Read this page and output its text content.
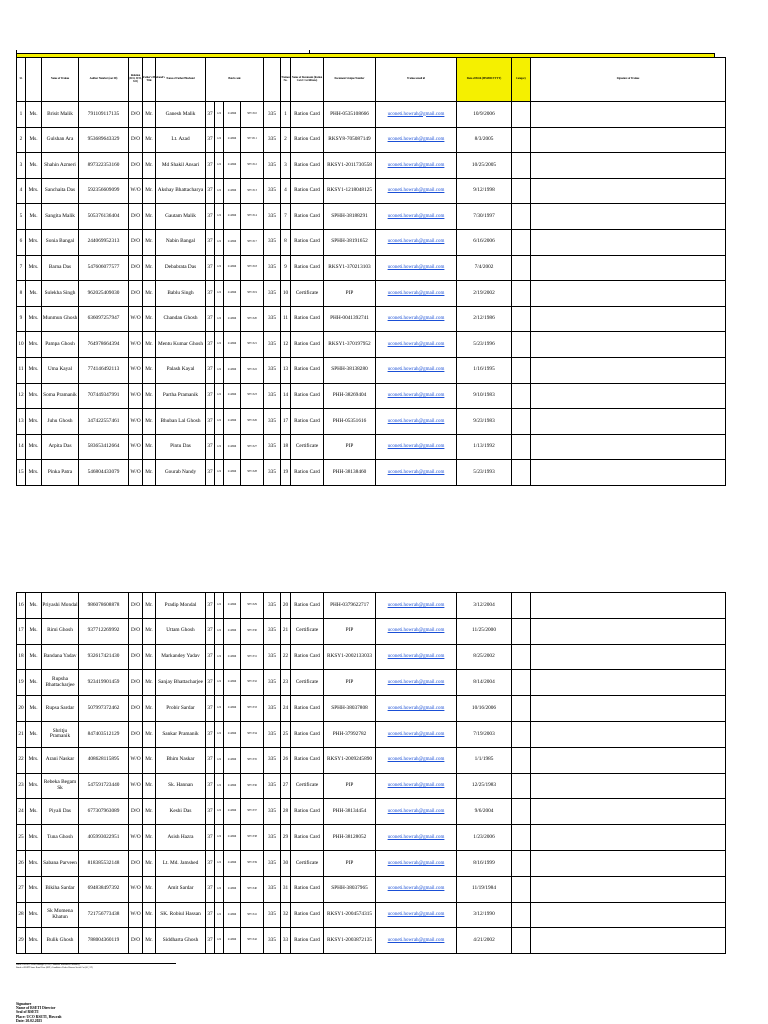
Sl.		Name of Trainee	Aadhar Number (not ID)	Relation (D/O, W/O, S/O)	Father's/Husband's Title	Name of Father/Husband	Batch code					Trainee No.	Name of Document (Ration Card / Certificate)	Document Unique Number	Trainee email id	Date of Birth (MM/DD/YYYY)	Category	Signature of Trainee	
1	Ms.	Brisit Malik	791109117135	D/O	Mr.	Ganesh Malik	37	122	214696	5871510	335	1	Ration Card	PHH-0535108666	uconeti.howrah@gmail.com	10/9/2006			
2	Ms.	Gulshan Ara	953689643329	D/O	Mr.	Lt. Azad	37	122	214696	5871511	335	2	Ration Card	RKSY8-705087149	uconeti.howrah@gmail.com	8/3/2005			
3	Ms.	Shahin Azmeri	897322353160	D/O	Mr.	Md Shakil Ansari	37	122	214696	5871512	335	3	Ration Card	RKSY1-2011730558	uconeti.howrah@gmail.com	10/25/2005			
4	Mrs.	Sanchaita Das	592356609099	W/O	Mr.	Akshay Bhattacharya	37	122	214696	5871513	335	4	Ration Card	RKSY1-1218048125	uconeti.howrah@gmail.com	9/12/1998			
5	Ms.	Sangita Malik	505376136404	D/O	Mr.	Gautam Malik	37	122	214696	5871514	335	7	Ration Card	SPHH-38188291	uconeti.howrah@gmail.com	7/30/1997			
6	Mrs.	Sonia Bangal	244069952313	D/O	Mr.	Nabin Bangal	37	122	214696	5871517	335	8	Ration Card	SPHH-38191652	uconeti.howrah@gmail.com	6/16/2006			
7	Mrs.	Barna Das	547606077577	D/O	Mr.	Debabrata Das	37	122	214696	5871518	335	9	Ration Card	RKSY1-370213103	uconeti.howrah@gmail.com	7/4/2002			
8	Ms.	Sulekha Singh	962025409030	D/O	Mr.	Bablu Singh	37	122	214696	5871519	335	10	Certificate	PIP	uconeti.howrah@gmail.com	2/19/2002			
9	Mrs.	Munmun Ghosh	636097257947	W/O	Mr.	Chandan Ghosh	37	122	214696	5871520	335	11	Ration Card	PHH-0041392741	uconeti.howrah@gmail.com	2/12/1986			
10	Mrs.	Pampa Ghosh	764978664394	W/O	Mr.	Mentu Kumar Ghosh	37	122	214696	5871521	335	12	Ration Card	RKSY1-370197952	uconeti.howrah@gmail.com	5/23/1996			
11	Mrs.	Uma Kayal	774146492113	W/O	Mr.	Palash Kayal	37	122	214696	5871522	335	13	Ration Card	SPHH-38138280	uconeti.howrah@gmail.com	1/16/1995			
12	Mrs.	Soma Pramanik	707449347991	W/O	Mr.	Partha Pramanik	37	122	214696	5871523	335	14	Ration Card	PHH-38269404	uconeti.howrah@gmail.com	9/10/1983			
13	Mrs.	Juhu Ghosh	347422557461	W/O	Mr.	Bhuban Lal Ghosh	37	122	214696	5871526	335	17	Ration Card	PHH-05351616	uconeti.howrah@gmail.com	9/23/1983			
14	Mrs.	Arpita Das	583653412664	W/O	Mr.	Pintu Das	37	122	214696	5871527	335	18	Certificate	PIP	uconeti.howrah@gmail.com	1/13/1992			
15	Mrs.	Pinka Patra	546804433079	W/O	Mr.	Gourab Nandy	37	122	214696	5871528	335	19	Ration Card	PHH-38138460	uconeti.howrah@gmail.com	5/23/1993			
16	Ms.	Priyashi Mondal	986078608878	D/O	Mr.	Pradip Mondal	37	122	214696	5871529	335	20	Ration Card	PHH-0379622717	uconeti.howrah@gmail.com	3/12/2004			
17	Ms.	Rimi Ghosh	937712269992	D/O	Mr.	Uttam Ghosh	37	122	214696	5871530	335	21	Certificate	PIP	uconeti.howrah@gmail.com	11/25/2000			
18	Ms.	Bandana Yadav	932617421430	D/O	Mr.	Markandey Yadav	37	122	214696	5871531	335	22	Ration Card	RKSY1-2002133033	uconeti.howrah@gmail.com	8/25/2002			
19	Ms.	Rupsha Bhattacharjee	923419901459	D/O	Mr.	Sanjay Bhattacharjee	37	122	214696	5871532	335	23	Certificate	PIP	uconeti.howrah@gmail.com	8/14/2004			
20	Ms.	Rupsa Sardar	507997372462	D/O	Mr.	Probir Sardar	37	122	214696	5871533	335	24	Ration Card	SPHH-38037808	uconeti.howrah@gmail.com	10/16/2006			
21	Ms.	Shritju Pramanik	847403512129	D/O	Mr.	Sankar Pramanik	37	122	214696	5871534	335	25	Ration Card	PHH-37992782	uconeti.howrah@gmail.com	7/19/2003			
22	Mrs.	Arani Naskar	408628115895	W/O	Mr.	Bhim Naskar	37	122	214696	5871535	335	26	Ration Card	RKSY1-2009245890	uconeti.howrah@gmail.com	1/1/1985			
23	Mrs.	Rebeka Begam Sk	547591723440	W/O	Mr.	Sk. Hannan	37	122	214696	5871536	335	27	Certificate	PIP	uconeti.howrah@gmail.com	12/25/1983			
24	Ms.	Piyali Das	677307963089	D/O	Mr.	Keshi Das	37	122	214696	5871537	335	28	Ration Card	PHH-38134454	uconeti.howrah@gmail.com	9/6/2004			
25	Mrs.	Tuna Ghosh	405993022951	W/O	Mr.	Asish Hazra	37	122	214696	5871538	335	29	Ration Card	PHH-38128052	uconeti.howrah@gmail.com	1/23/2006			
26	Mrs.	Sabana Parveen	818385532148	D/O	Mr.	Lt. Md. Jamshed	37	122	214696	5871539	335	30	Certificate	PIP	uconeti.howrah@gmail.com	8/16/1999			
27	Mrs.	Bikiha Sardar	694838497392	W/O	Mr.	Amit Sardar	37	122	214696	5871540	335	31	Ration Card	SPHH-38037965	uconeti.howrah@gmail.com	11/19/1984			
28	Mrs.	Sk Momena Khatun	721756773438	W/O	Mr.	SK. Robiul Hassan	37	122	214696	5871541	335	32	Ration Card	RKSY1-2004574315	uconeti.howrah@gmail.com	3/12/1990			
29	Mrs.	Bulik Ghosh	788004360119	D/O	Mr.	Siddharta Ghosh	37	122	214696	5871542	335	33	Ration Card	RKSY1-2003872135	uconeti.howrah@gmail.com	4/21/2002			
Batch of RSETI Name/Manager (UCO) Candidate Institution Ultimately
Batch of RSETI Inner Rural Poor (BPL) Candidates Under Women Social Cat (SC, ST)
Signature
Name of RSETI Director
Seal of RSETI
Place: UCO RSETI, Howrah
Date: 20.02.2025
